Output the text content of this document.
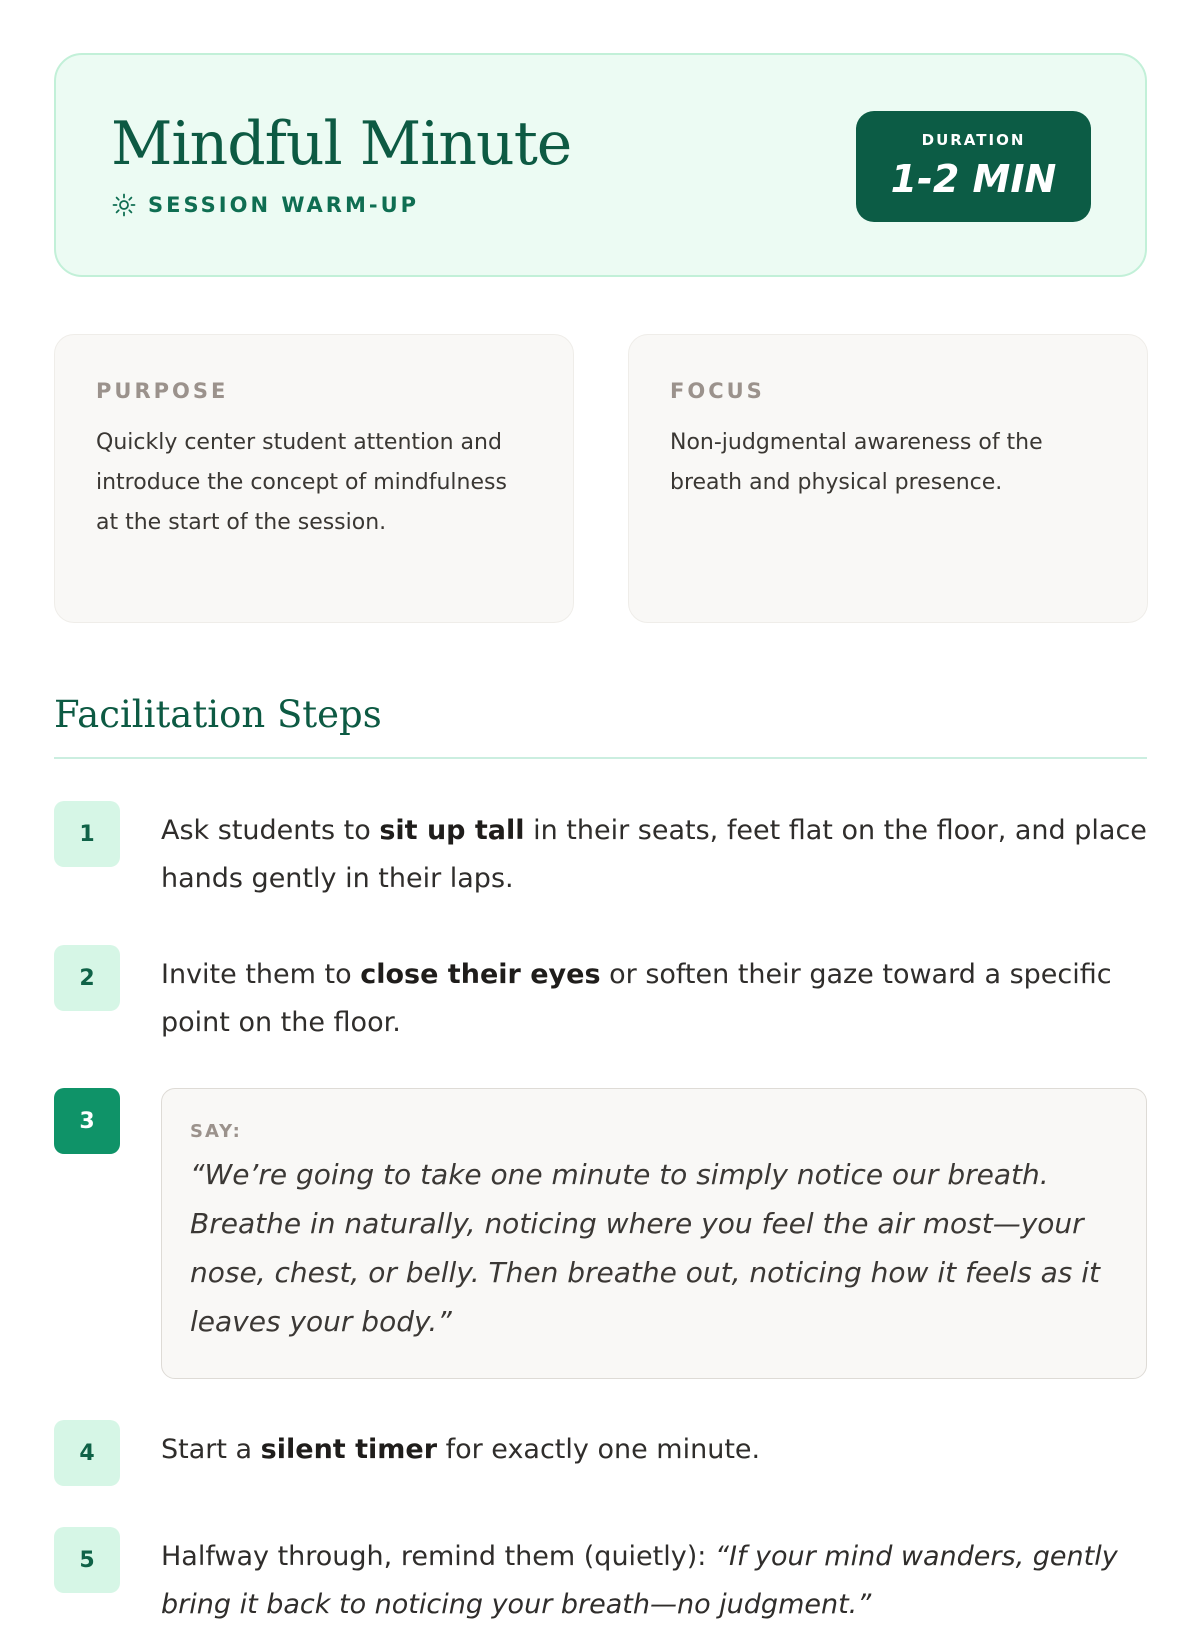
Mindful Minute
SESSION WARM-UP
DURATION
1-2 MIN
PURPOSE

Quickly center student attention and introduce the concept of mindfulness at the start of the session.

FOCUS

Non-judgmental awareness of the breath and physical presence.

Facilitation Steps
1	Ask students to sit up tall in their seats, feet flat on the floor, and place hands gently in their laps.

2	Invite them to close their eyes or soften their gaze toward a specific point on the floor.

3	SAY:

“We’re going to take one minute to simply notice our breath. Breathe in naturally, noticing where you feel the air most—your nose, chest, or belly. Then breathe out, noticing how it feels as it leaves your body.”

4	Start a silent timer for exactly one minute.

5	Halfway through, remind them (quietly): “If your mind wanders, gently bring it back to noticing your breath—no judgment.”
